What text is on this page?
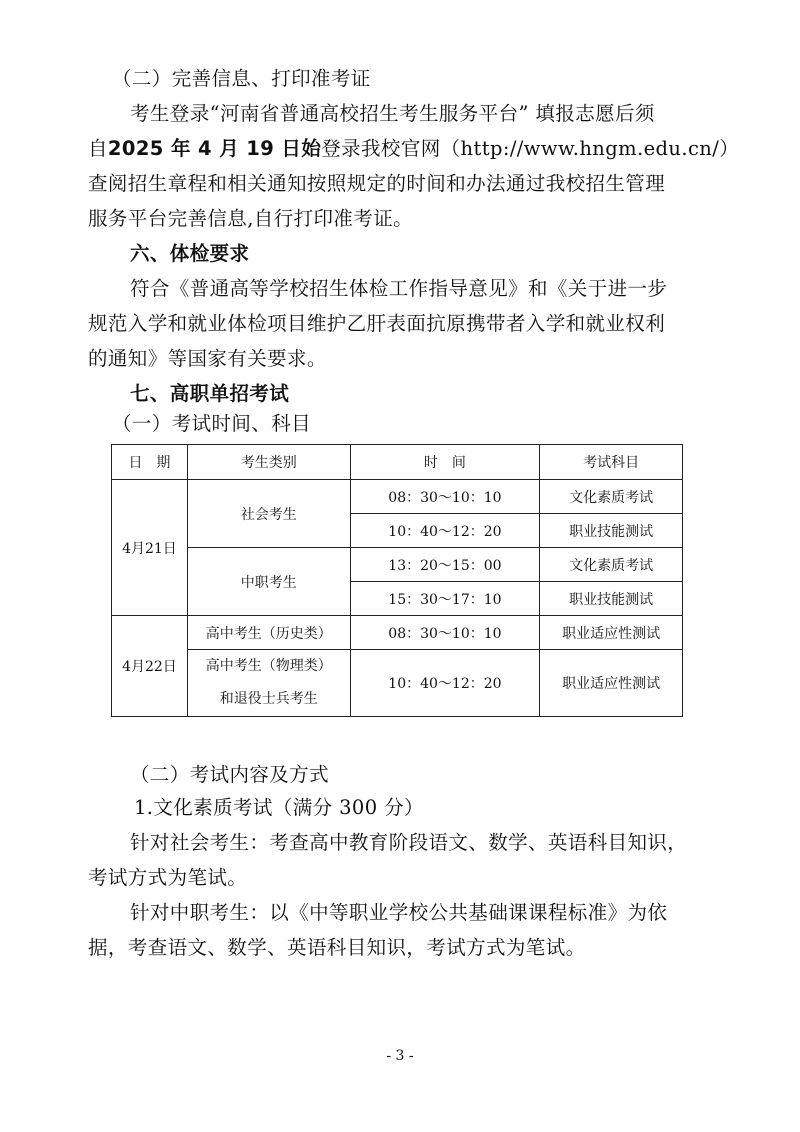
（二）完善信息、打印准考证
考生登录“河南省普通高校招生考生服务平台” 填报志愿后须
自2025 年 4 月 19 日始登录我校官网（http://www.hngm.edu.cn/）
查阅招生章程和相关通知按照规定的时间和办法通过我校招生管理
服务平台完善信息,自行打印准考证。
六、体检要求
符合《普通高等学校招生体检工作指导意见》和《关于进一步
规范入学和就业体检项目维护乙肝表面抗原携带者入学和就业权利
的通知》等国家有关要求。
七、高职单招考试
（一）考试时间、科目
日　期	考生类别	时　间	考试科目
4月21日	社会考生	08：30～10：10	文化素质考试
		10：40～12：20	职业技能测试
	中职考生	13：20～15：00	文化素质考试
		15：30～17：10	职业技能测试
4月22日	高中考生（历史类）	08：30～10：10	职业适应性测试
	高中考生（物理类）
和退役士兵考生	10：40～12：20	职业适应性测试
（二）考试内容及方式
1.文化素质考试（满分 300 分）
针对社会考生：考查高中教育阶段语文、数学、英语科目知识，
考试方式为笔试。
针对中职考生：以《中等职业学校公共基础课课程标准》为依
据，考查语文、数学、英语科目知识，考试方式为笔试。
- 3 -
